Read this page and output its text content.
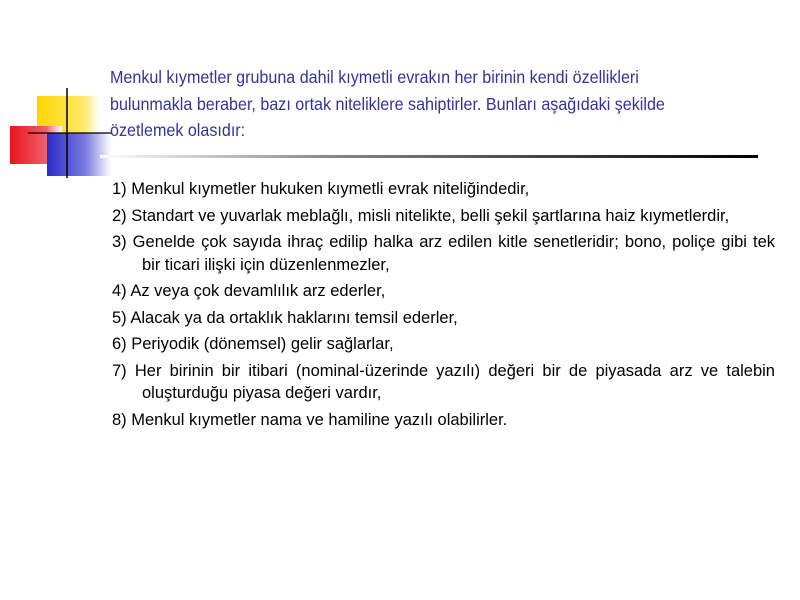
Menkul kıymetler grubuna dahil kıymetli evrakın her birinin kendi özellikleri bulunmakla beraber, bazı ortak niteliklere sahiptirler. Bunları aşağıdaki şekilde özetlemek olasıdır:

1) Menkul kıymetler hukuken kıymetli evrak niteliğindedir,
2) Standart ve yuvarlak meblağlı, misli nitelikte, belli şekil şartlarına haiz kıymetlerdir,
3) Genelde çok sayıda ihraç edilip halka arz edilen kitle senetleridir; bono, poliçe gibi tek bir ticari ilişki için düzenlenmezler,
4) Az veya çok devamlılık arz ederler,
5) Alacak ya da ortaklık haklarını temsil ederler,
6) Periyodik (dönemsel) gelir sağlarlar,
7) Her birinin bir itibari (nominal-üzerinde yazılı) değeri bir de piyasada arz ve talebin oluşturduğu piyasa değeri vardır,
8) Menkul kıymetler nama ve hamiline yazılı olabilirler.
